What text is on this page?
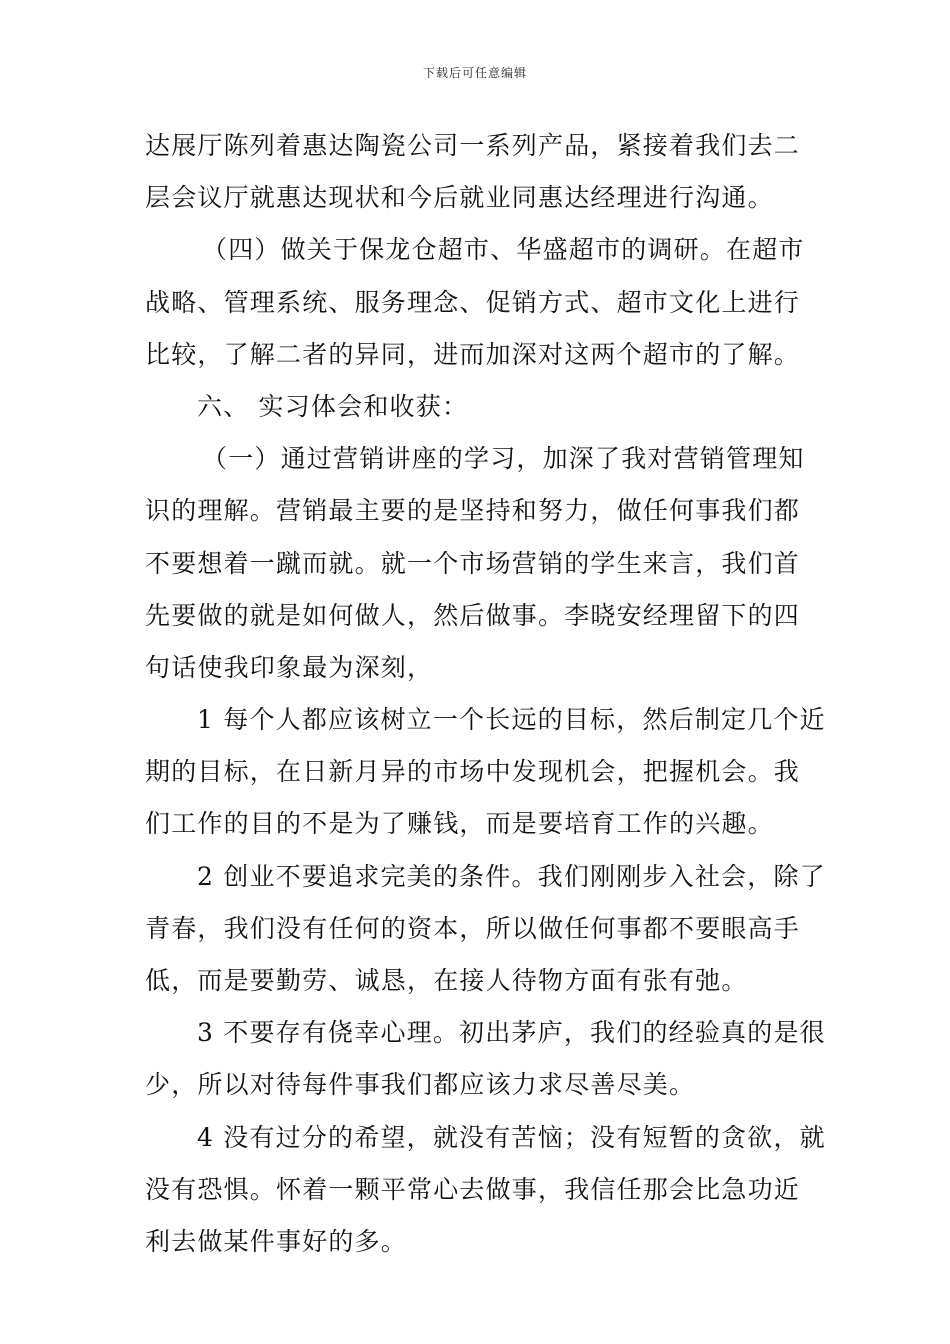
下载后可任意编辑
达展厅陈列着惠达陶瓷公司一系列产品，紧接着我们去二
层会议厅就惠达现状和今后就业同惠达经理进行沟通。
（四）做关于保龙仓超市、华盛超市的调研。在超市
战略、管理系统、服务理念、促销方式、超市文化上进行
比较，了解二者的异同，进而加深对这两个超市的了解。
六、 实习体会和收获：
（一）通过营销讲座的学习，加深了我对营销管理知
识的理解。营销最主要的是坚持和努力，做任何事我们都
不要想着一蹴而就。就一个市场营销的学生来言，我们首
先要做的就是如何做人，然后做事。李晓安经理留下的四
句话使我印象最为深刻，
1 每个人都应该树立一个长远的目标，然后制定几个近
期的目标，在日新月异的市场中发现机会，把握机会。我
们工作的目的不是为了赚钱，而是要培育工作的兴趣。
2 创业不要追求完美的条件。我们刚刚步入社会，除了
青春，我们没有任何的资本，所以做任何事都不要眼高手
低，而是要勤劳、诚恳，在接人待物方面有张有弛。
3 不要存有侥幸心理。初出茅庐，我们的经验真的是很
少，所以对待每件事我们都应该力求尽善尽美。
4 没有过分的希望，就没有苦恼；没有短暂的贪欲，就
没有恐惧。怀着一颗平常心去做事，我信任那会比急功近
利去做某件事好的多。
